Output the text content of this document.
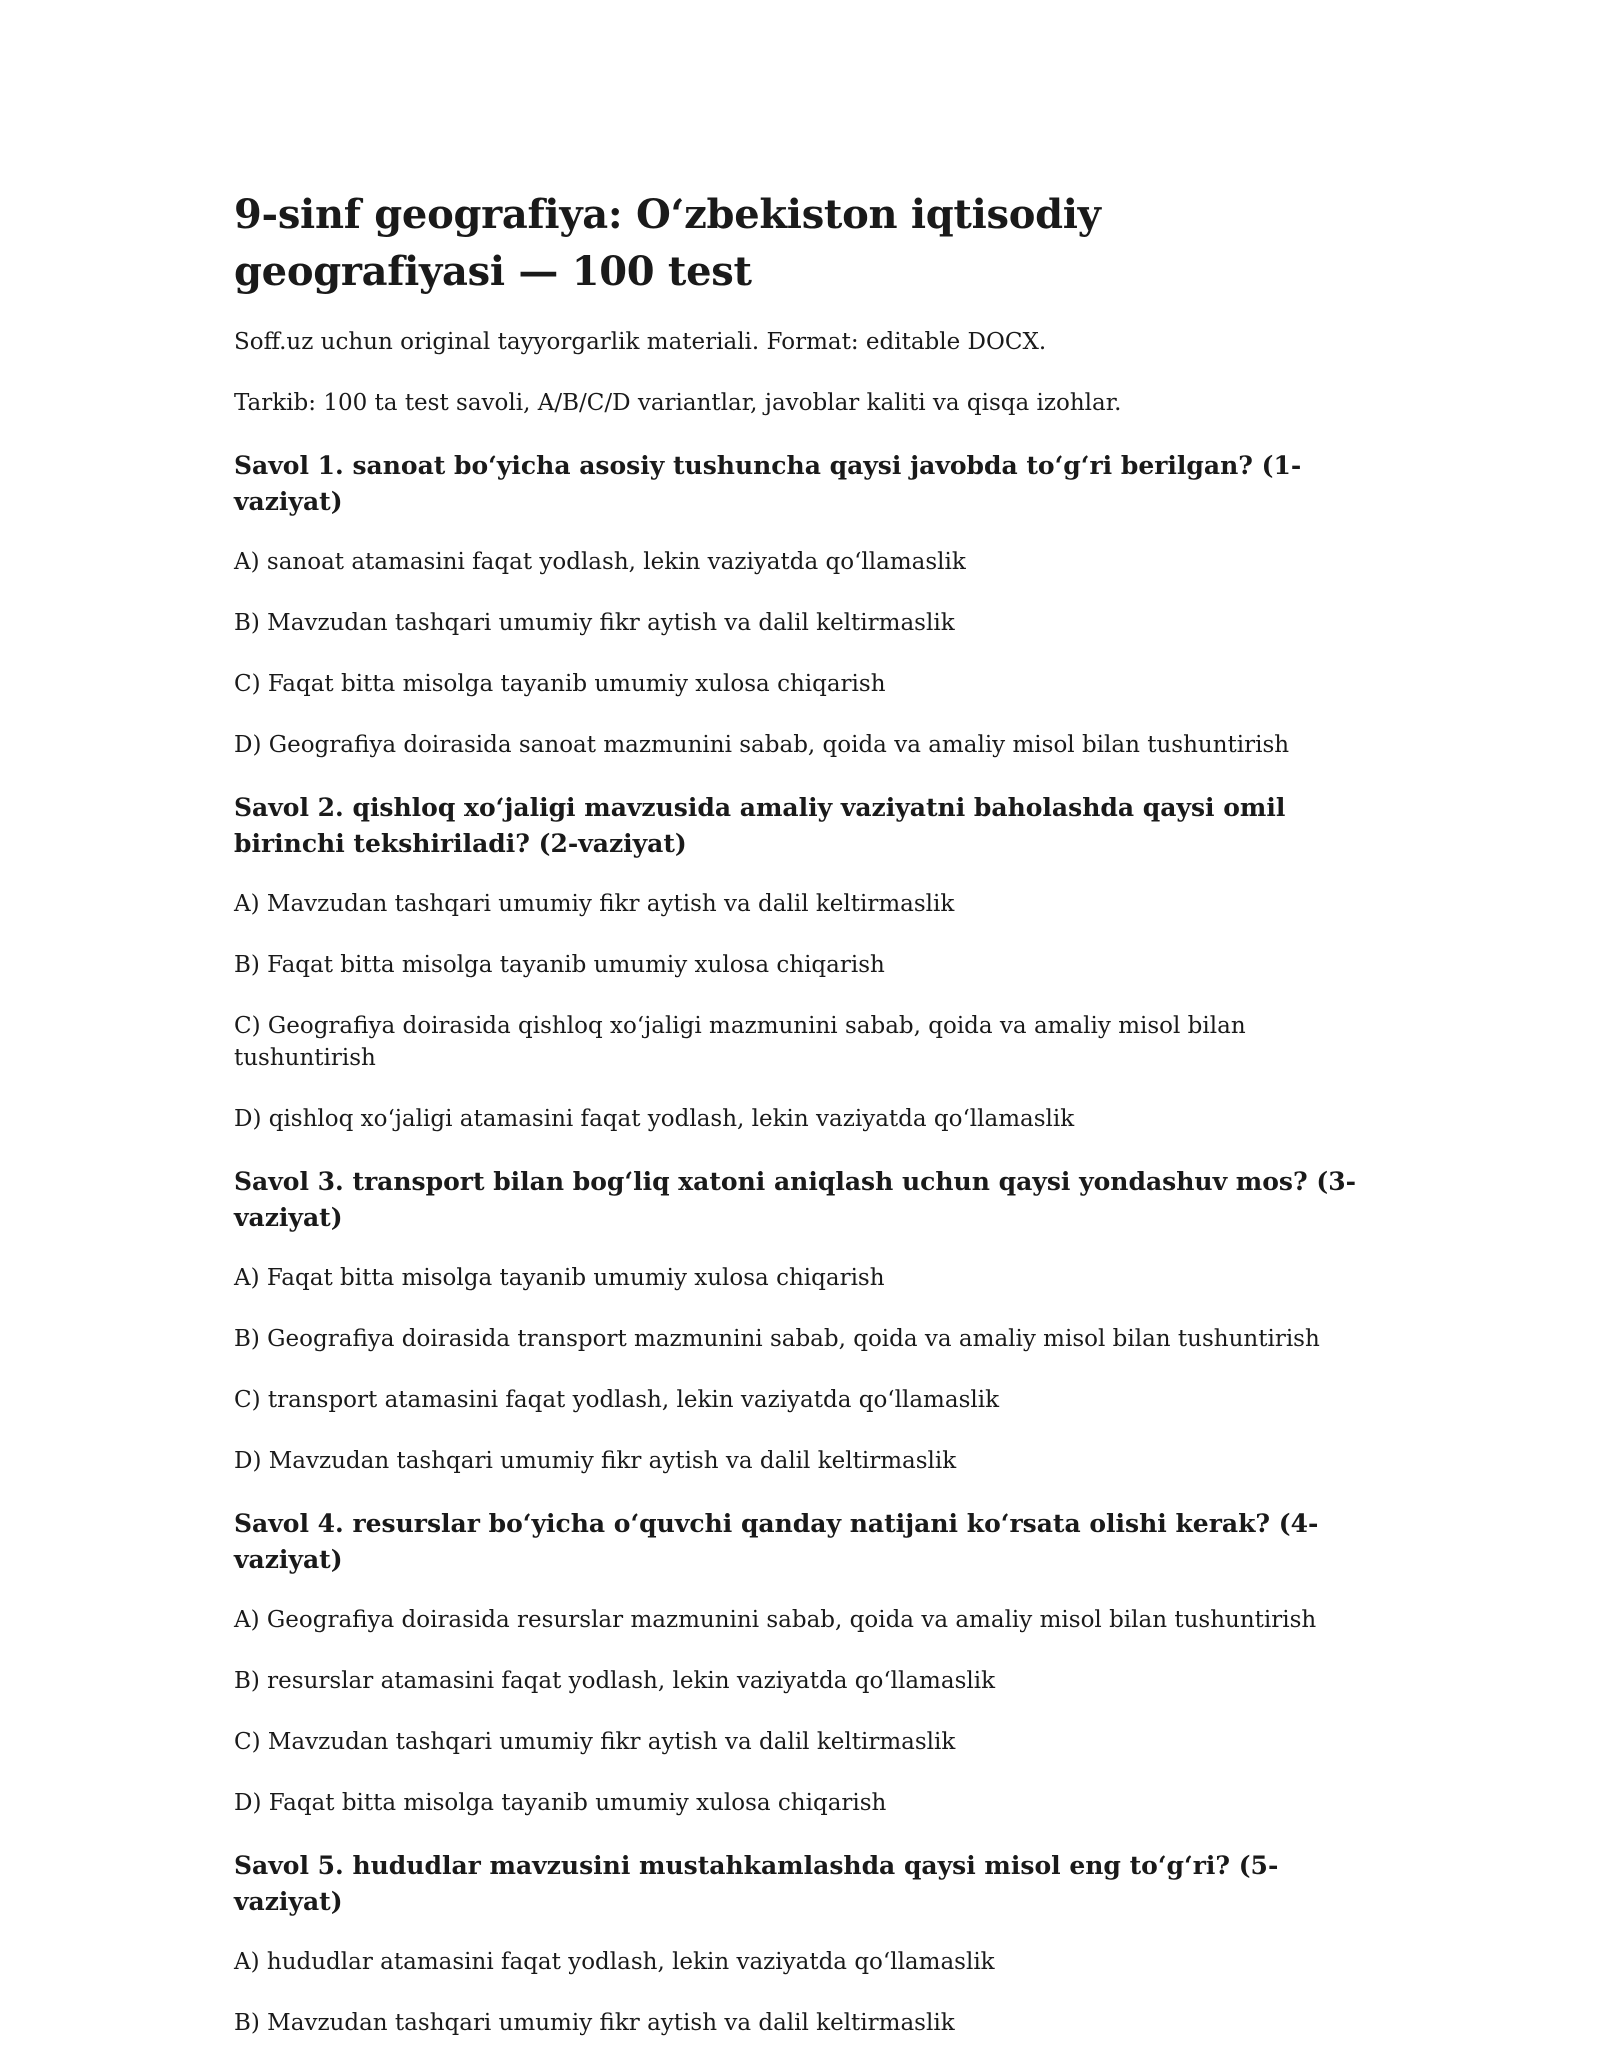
9-sinf geografiya: O‘zbekiston iqtisodiy geografiyasi — 100 test

Soff.uz uchun original tayyorgarlik materiali. Format: editable DOCX.

Tarkib: 100 ta test savoli, A/B/C/D variantlar, javoblar kaliti va qisqa izohlar.

Savol 1. sanoat bo‘yicha asosiy tushuncha qaysi javobda to‘g‘ri berilgan? (1-vaziyat)

A) sanoat atamasini faqat yodlash, lekin vaziyatda qo‘llamaslik

B) Mavzudan tashqari umumiy fikr aytish va dalil keltirmaslik

C) Faqat bitta misolga tayanib umumiy xulosa chiqarish

D) Geografiya doirasida sanoat mazmunini sabab, qoida va amaliy misol bilan tushuntirish

Savol 2. qishloq xo‘jaligi mavzusida amaliy vaziyatni baholashda qaysi omil birinchi tekshiriladi? (2-vaziyat)

A) Mavzudan tashqari umumiy fikr aytish va dalil keltirmaslik

B) Faqat bitta misolga tayanib umumiy xulosa chiqarish

C) Geografiya doirasida qishloq xo‘jaligi mazmunini sabab, qoida va amaliy misol bilan tushuntirish

D) qishloq xo‘jaligi atamasini faqat yodlash, lekin vaziyatda qo‘llamaslik

Savol 3. transport bilan bog‘liq xatoni aniqlash uchun qaysi yondashuv mos? (3-vaziyat)

A) Faqat bitta misolga tayanib umumiy xulosa chiqarish

B) Geografiya doirasida transport mazmunini sabab, qoida va amaliy misol bilan tushuntirish

C) transport atamasini faqat yodlash, lekin vaziyatda qo‘llamaslik

D) Mavzudan tashqari umumiy fikr aytish va dalil keltirmaslik

Savol 4. resurslar bo‘yicha o‘quvchi qanday natijani ko‘rsata olishi kerak? (4-vaziyat)

A) Geografiya doirasida resurslar mazmunini sabab, qoida va amaliy misol bilan tushuntirish

B) resurslar atamasini faqat yodlash, lekin vaziyatda qo‘llamaslik

C) Mavzudan tashqari umumiy fikr aytish va dalil keltirmaslik

D) Faqat bitta misolga tayanib umumiy xulosa chiqarish

Savol 5. hududlar mavzusini mustahkamlashda qaysi misol eng to‘g‘ri? (5-vaziyat)

A) hududlar atamasini faqat yodlash, lekin vaziyatda qo‘llamaslik

B) Mavzudan tashqari umumiy fikr aytish va dalil keltirmaslik
